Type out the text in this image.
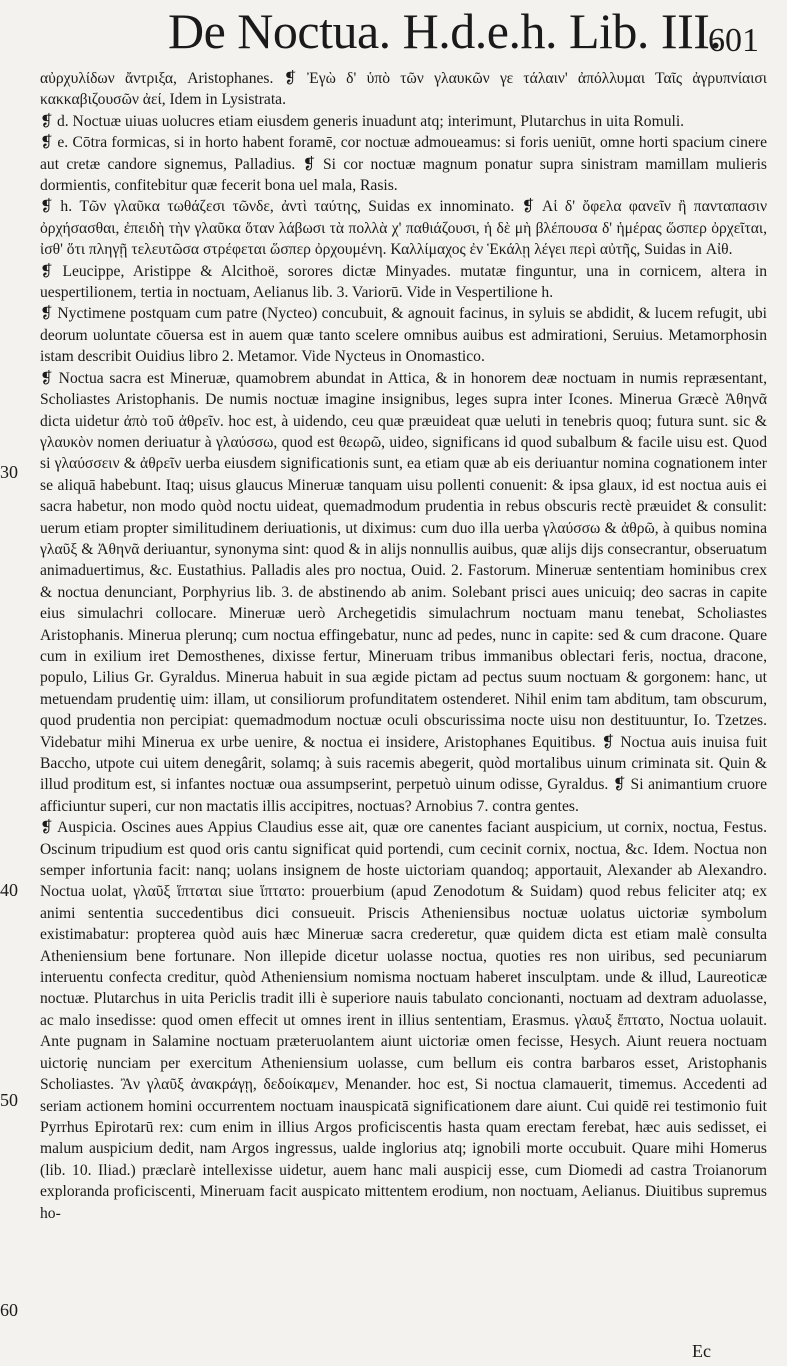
De Noctua. H.d.e.h. Lib. III.
601
30
40
50
60

αὐρχυλίδων ἄντριξα, Aristophanes. ❡ Ἐγὼ δ' ὑπὸ τῶν γλαυκῶν γε τάλαιν' ἀπόλλυμαι Ταῖς ἀγρυπνίαισι κακκαβιζουσῶν ἀεί, Idem in Lysistrata.

❡ d. Noctuæ uiuas uolucres etiam eiusdem generis inuadunt atq; interimunt, Plutarchus in uita Romuli.

❡ e. Cōtra formicas, si in horto habent foramē, cor noctuæ admoueamus: si foris ueniūt, omne horti spacium cinere aut cretæ candore signemus, Palladius. ❡ Si cor noctuæ magnum ponatur supra sinistram mamillam mulieris dormientis, confitebitur quæ fecerit bona uel mala, Rasis.

❡ h. Τῶν γλαῦκα τωθάζεσι τῶνδε, ἀντὶ ταύτης, Suidas ex innominato. ❡ Αἱ δ' ὄφελα φανεῖν ἢ πανταπασιν ὀρχήσασθαι, ἐπειδὴ τὴν γλαῦκα ὅταν λάβωσι τὰ πολλὰ χ' παθιάζουσι, ἡ δὲ μὴ βλέπουσα δ' ἡμέρας ὥσπερ ὀρχεῖται, ἰσθ' ὅτι πληγῇ τελευτῶσα στρέφεται ὥσπερ ὀρχουμένη. Καλλίμαχος ἐν Ἑκάλῃ λέγει περὶ αὐτῆς, Suidas in Αἰθ.

❡ Leucippe, Aristippe & Alcithoë, sorores dictæ Minyades. mutatæ finguntur, una in cornicem, altera in uespertilionem, tertia in noctuam, Aelianus lib. 3. Variorū. Vide in Vespertilione h.

❡ Nyctimene postquam cum patre (Nycteo) concubuit, & agnouit facinus, in syluis se abdidit, & lucem refugit, ubi deorum uoluntate cōuersa est in auem quæ tanto scelere omnibus auibus est admirationi, Seruius. Metamorphosin istam describit Ouidius libro 2. Metamor. Vide Nycteus in Onomastico.

❡ Noctua sacra est Mineruæ, quamobrem abundat in Attica, & in honorem deæ noctuam in numis repræsentant, Scholiastes Aristophanis. De numis noctuæ imagine insignibus, leges supra inter Icones. Minerua Græcè Ἀθηνᾶ dicta uidetur ἀπὸ τοῦ ἀθρεῖν. hoc est, à uidendo, ceu quæ præuideat quæ ueluti in tenebris quoq; futura sunt. sic & γλαυκὸν nomen deriuatur à γλαύσσω, quod est θεωρῶ, uideo, significans id quod subalbum & facile uisu est. Quod si γλαύσσειν & ἀθρεῖν uerba eiusdem significationis sunt, ea etiam quæ ab eis deriuantur nomina cognationem inter se aliquā habebunt. Itaq; uisus glaucus Mineruæ tanquam uisu pollenti conuenit: & ipsa glaux, id est noctua auis ei sacra habetur, non modo quòd noctu uideat, quemadmodum prudentia in rebus obscuris rectè præuidet & consulit: uerum etiam propter similitudinem deriuationis, ut diximus: cum duo illa uerba γλαύσσω & ἀθρῶ, à quibus nomina γλαῦξ & Ἀθηνᾶ deriuantur, synonyma sint: quod & in alijs nonnullis auibus, quæ alijs dijs consecrantur, obseruatum animaduertimus, &c. Eustathius. Palladis ales pro noctua, Ouid. 2. Fastorum. Mineruæ sententiam hominibus crex & noctua denunciant, Porphyrius lib. 3. de abstinendo ab anim. Solebant prisci aues unicuiq; deo sacras in capite eius simulachri collocare. Mineruæ uerò Archegetidis simulachrum noctuam manu tenebat, Scholiastes Aristophanis. Minerua plerunq; cum noctua effingebatur, nunc ad pedes, nunc in capite: sed & cum dracone. Quare cum in exilium iret Demosthenes, dixisse fertur, Mineruam tribus immanibus oblectari feris, noctua, dracone, populo, Lilius Gr. Gyraldus. Minerua habuit in sua ægide pictam ad pectus suum noctuam & gorgonem: hanc, ut metuendam prudentię uim: illam, ut consiliorum profunditatem ostenderet. Nihil enim tam abditum, tam obscurum, quod prudentia non percipiat: quemadmodum noctuæ oculi obscurissima nocte uisu non destituuntur, Io. Tzetzes. Videbatur mihi Minerua ex urbe uenire, & noctua ei insidere, Aristophanes Equitibus. ❡ Noctua auis inuisa fuit Baccho, utpote cui uitem denegârit, solamq; à suis racemis abegerit, quòd mortalibus uinum criminata sit. Quin & illud proditum est, si infantes noctuæ oua assumpserint, perpetuò uinum odisse, Gyraldus. ❡ Si animantium cruore afficiuntur superi, cur non mactatis illis accipitres, noctuas? Arnobius 7. contra gentes.

❡ Auspicia. Oscines aues Appius Claudius esse ait, quæ ore canentes faciant auspicium, ut cornix, noctua, Festus. Oscinum tripudium est quod oris cantu significat quid portendi, cum cecinit cornix, noctua, &c. Idem. Noctua non semper infortunia facit: nanq; uolans insignem de hoste uictoriam quandoq; apportauit, Alexander ab Alexandro. Noctua uolat, γλαῦξ ἵπταται siue ἵπτατο: prouerbium (apud Zenodotum & Suidam) quod rebus feliciter atq; ex animi sententia succedentibus dici consueuit. Priscis Atheniensibus noctuæ uolatus uictoriæ symbolum existimabatur: propterea quòd auis hæc Mineruæ sacra crederetur, quæ quidem dicta est etiam malè consulta Atheniensium bene fortunare. Non illepide dicetur uolasse noctua, quoties res non uiribus, sed pecuniarum interuentu confecta creditur, quòd Atheniensium nomisma noctuam haberet insculptam. unde & illud, Laureoticæ noctuæ. Plutarchus in uita Periclis tradit illi è superiore nauis tabulato concionanti, noctuam ad dextram aduolasse, ac malo insedisse: quod omen effecit ut omnes irent in illius sententiam, Erasmus. γλαυξ ἔπτατο, Noctua uolauit. Ante pugnam in Salamine noctuam præteruolantem aiunt uictoriæ omen fecisse, Hesych. Aiunt reuera noctuam uictorię nunciam per exercitum Atheniensium uolasse, cum bellum eis contra barbaros esset, Aristophanis Scholiastes. Ἂν γλαῦξ ἀνακράγῃ, δεδοίκαμεν, Menander. hoc est, Si noctua clamauerit, timemus. Accedenti ad seriam actionem homini occurrentem noctuam inauspicatā significationem dare aiunt. Cui quidē rei testimonio fuit Pyrrhus Epirotarū rex: cum enim in illius Argos proficiscentis hasta quam erectam ferebat, hæc auis sedisset, ei malum auspicium dedit, nam Argos ingressus, ualde inglorius atq; ignobili morte occubuit. Quare mihi Homerus (lib. 10. Iliad.) præclarè intellexisse uidetur, auem hanc mali auspicij esse, cum Diomedi ad castra Troianorum exploranda proficiscenti, Mineruam facit auspicato mittentem erodium, non noctuam, Aelianus. Diuitibus supremus ho-

Ec
